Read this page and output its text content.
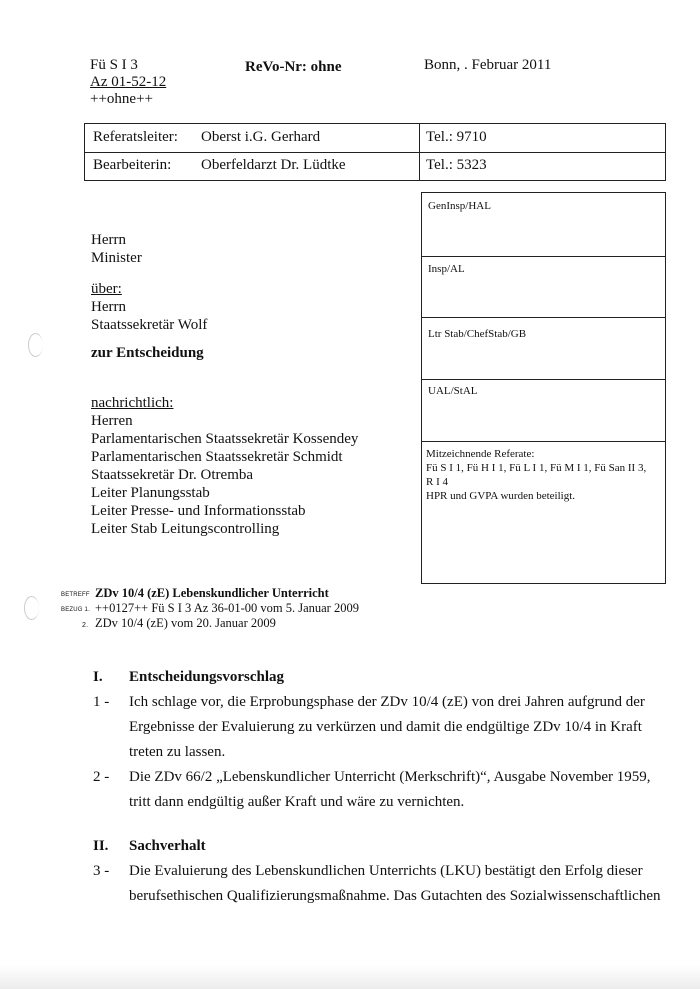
Fü S I 3
Az 01-52-12
++ohne++
ReVo-Nr: ohne	Bonn, . Februar 2011
Referatsleiter: Oberst i.G. Gerhard	Tel.: 9710
Bearbeiterin: Oberfeldarzt Dr. Lüdtke	Tel.: 5323
GenInsp/HAL
Insp/AL
Ltr Stab/ChefStab/GB
UAL/StAL
Mitzeichnende Referate:
Fü S I 1, Fü H I 1, Fü L I 1, Fü M I 1, Fü San II 3,
R I 4
HPR und GVPA wurden beteiligt.
Herrn
Minister
über:
Herrn
Staatssekretär Wolf
zur Entscheidung
nachrichtlich:
Herren
Parlamentarischen Staatssekretär Kossendey
Parlamentarischen Staatssekretär Schmidt
Staatssekretär Dr. Otremba
Leiter Planungsstab
Leiter Presse- und Informationsstab
Leiter Stab Leitungscontrolling
BETREFF ZDv 10/4 (zE) Lebenskundlicher Unterricht
BEZUG 1. ++0127++ Fü S I 3 Az 36-01-00 vom 5. Januar 2009
2. ZDv 10/4 (zE) vom 20. Januar 2009
I. Entscheidungsvorschlag
1 - Ich schlage vor, die Erprobungsphase der ZDv 10/4 (zE) von drei Jahren aufgrund der
Ergebnisse der Evaluierung zu verkürzen und damit die endgültige ZDv 10/4 in Kraft
treten zu lassen.
2 - Die ZDv 66/2 „Lebenskundlicher Unterricht (Merkschrift)“, Ausgabe November 1959,
tritt dann endgültig außer Kraft und wäre zu vernichten.
II. Sachverhalt
3 - Die Evaluierung des Lebenskundlichen Unterrichts (LKU) bestätigt den Erfolg dieser
berufsethischen Qualifizierungsmaßnahme. Das Gutachten des Sozialwissenschaftlichen
